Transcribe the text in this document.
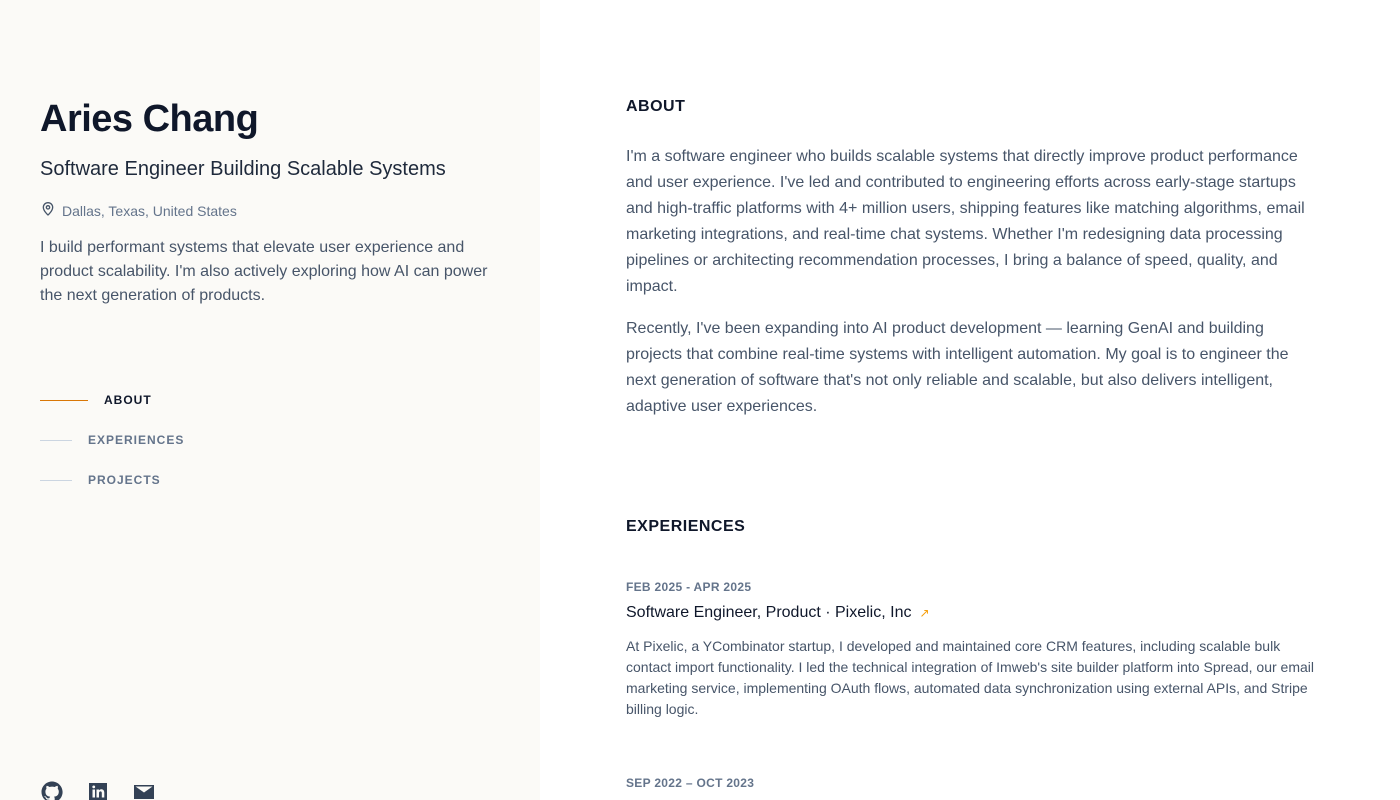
Aries Chang
Software Engineer Building Scalable Systems
Dallas, Texas, United States

I build performant systems that elevate user experience and product scalability. I'm also actively exploring how AI can power the next generation of products.

ABOUT
EXPERIENCES
PROJECTS
ABOUT

I'm a software engineer who builds scalable systems that directly improve product performance and user experience. I've led and contributed to engineering efforts across early-stage startups and high-traffic platforms with 4+ million users, shipping features like matching algorithms, email marketing integrations, and real-time chat systems. Whether I'm redesigning data processing pipelines or architecting recommendation processes, I bring a balance of speed, quality, and impact.

Recently, I've been expanding into AI product development — learning GenAI and building projects that combine real-time systems with intelligent automation. My goal is to engineer the next generation of software that's not only reliable and scalable, but also delivers intelligent, adaptive user experiences.

EXPERIENCES
FEB 2025 - APR 2025
Software Engineer, Product · Pixelic, Inc ↗

At Pixelic, a YCombinator startup, I developed and maintained core CRM features, including scalable bulk contact import functionality. I led the technical integration of Imweb's site builder platform into Spread, our email marketing service, implementing OAuth flows, automated data synchronization using external APIs, and Stripe billing logic.

SEP 2022 – OCT 2023
